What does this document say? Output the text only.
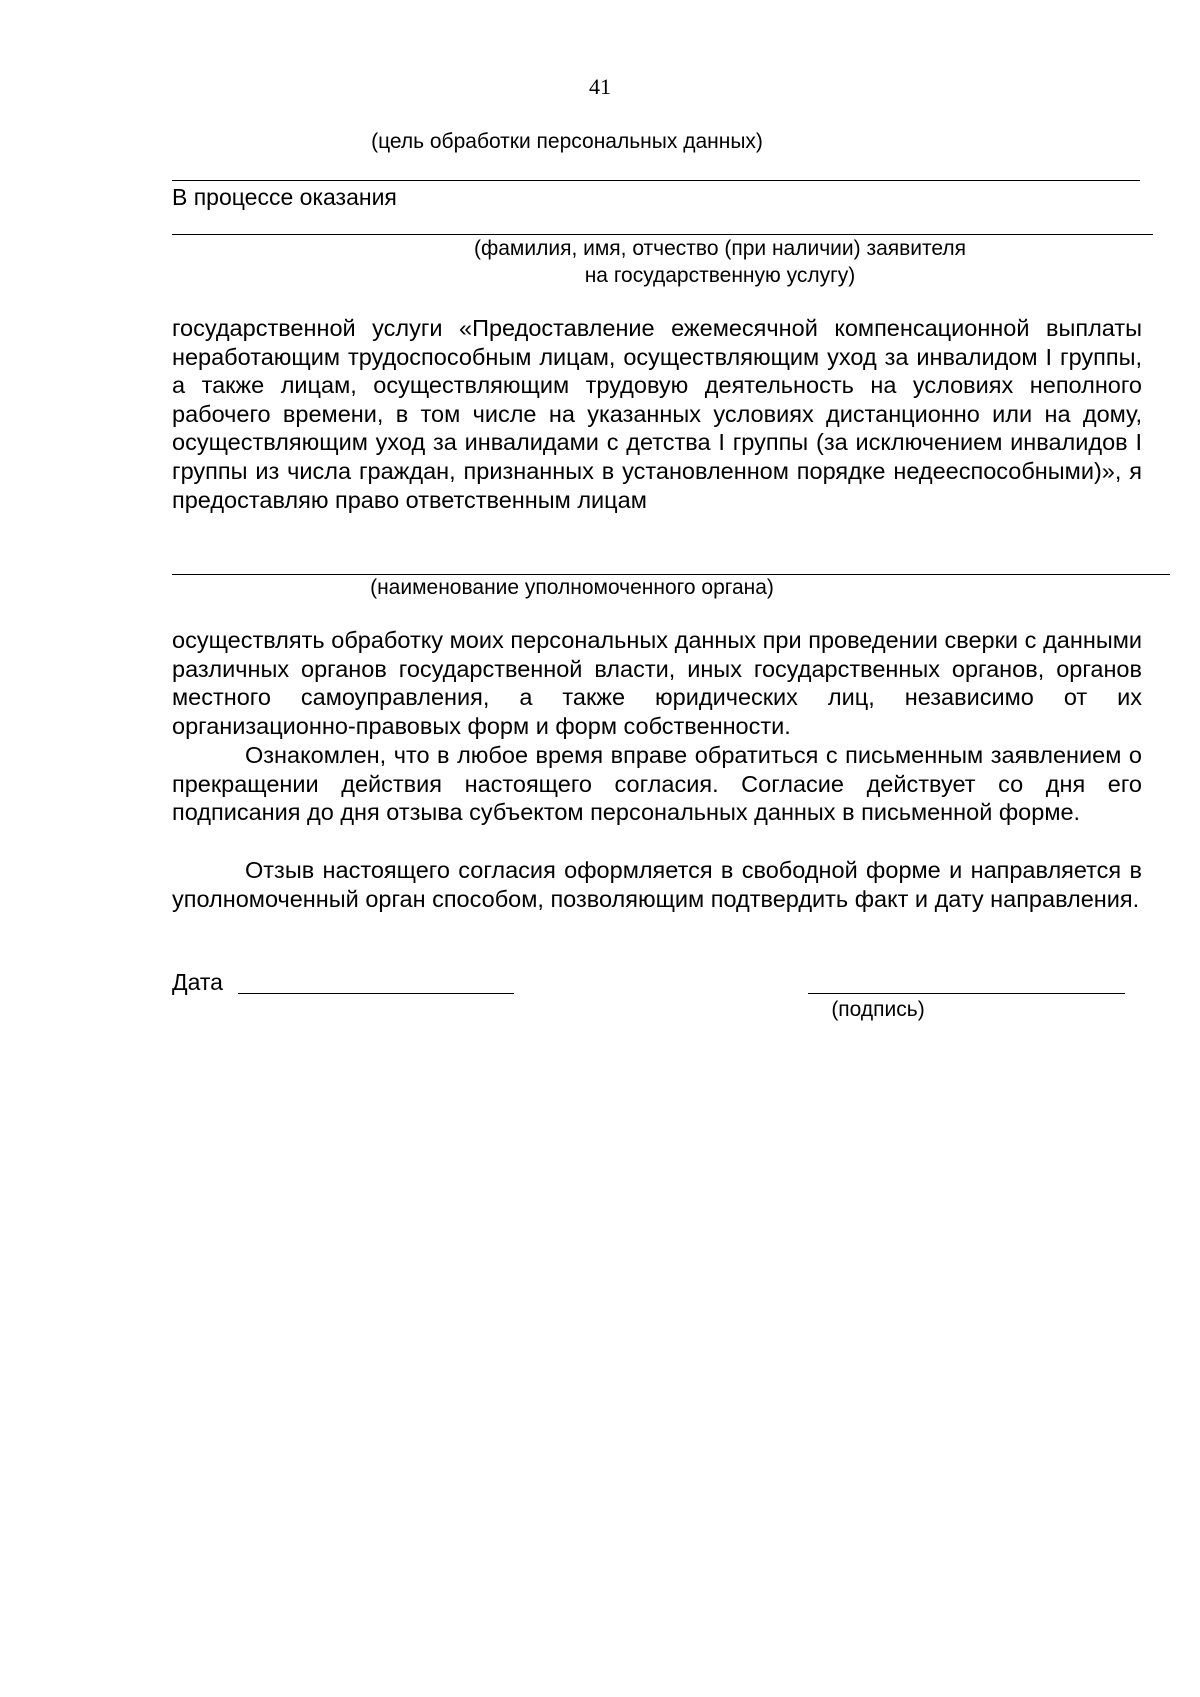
41
(цель обработки персональных данных)
В процессе оказания
(фамилия, имя, отчество (при наличии) заявителя
на государственную услугу)

государственной услуги «Предоставление ежемесячной компенсационной выплаты неработающим трудоспособным лицам, осуществляющим уход за инвалидом I группы, а также лицам, осуществляющим трудовую деятельность на условиях неполного рабочего времени, в том числе на указанных условиях дистанционно или на дому, осуществляющим уход за инвалидами с детства I группы (за исключением инвалидов I группы из числа граждан, признанных в установленном порядке недееспособными)», я предоставляю право ответственным лицам

(наименование уполномоченного органа)

осуществлять обработку моих персональных данных при проведении сверки с данными различных органов государственной власти, иных государственных органов, органов местного самоуправления, а также юридических лиц, независимо от их организационно-правовых форм и форм собственности.

Ознакомлен, что в любое время вправе обратиться с письменным заявлением о прекращении действия настоящего согласия. Согласие действует со дня его подписания до дня отзыва субъектом персональных данных в письменной форме.

Отзыв настоящего согласия оформляется в свободной форме и направляется в уполномоченный орган способом, позволяющим подтвердить факт и дату направления.

Дата
(подпись)
